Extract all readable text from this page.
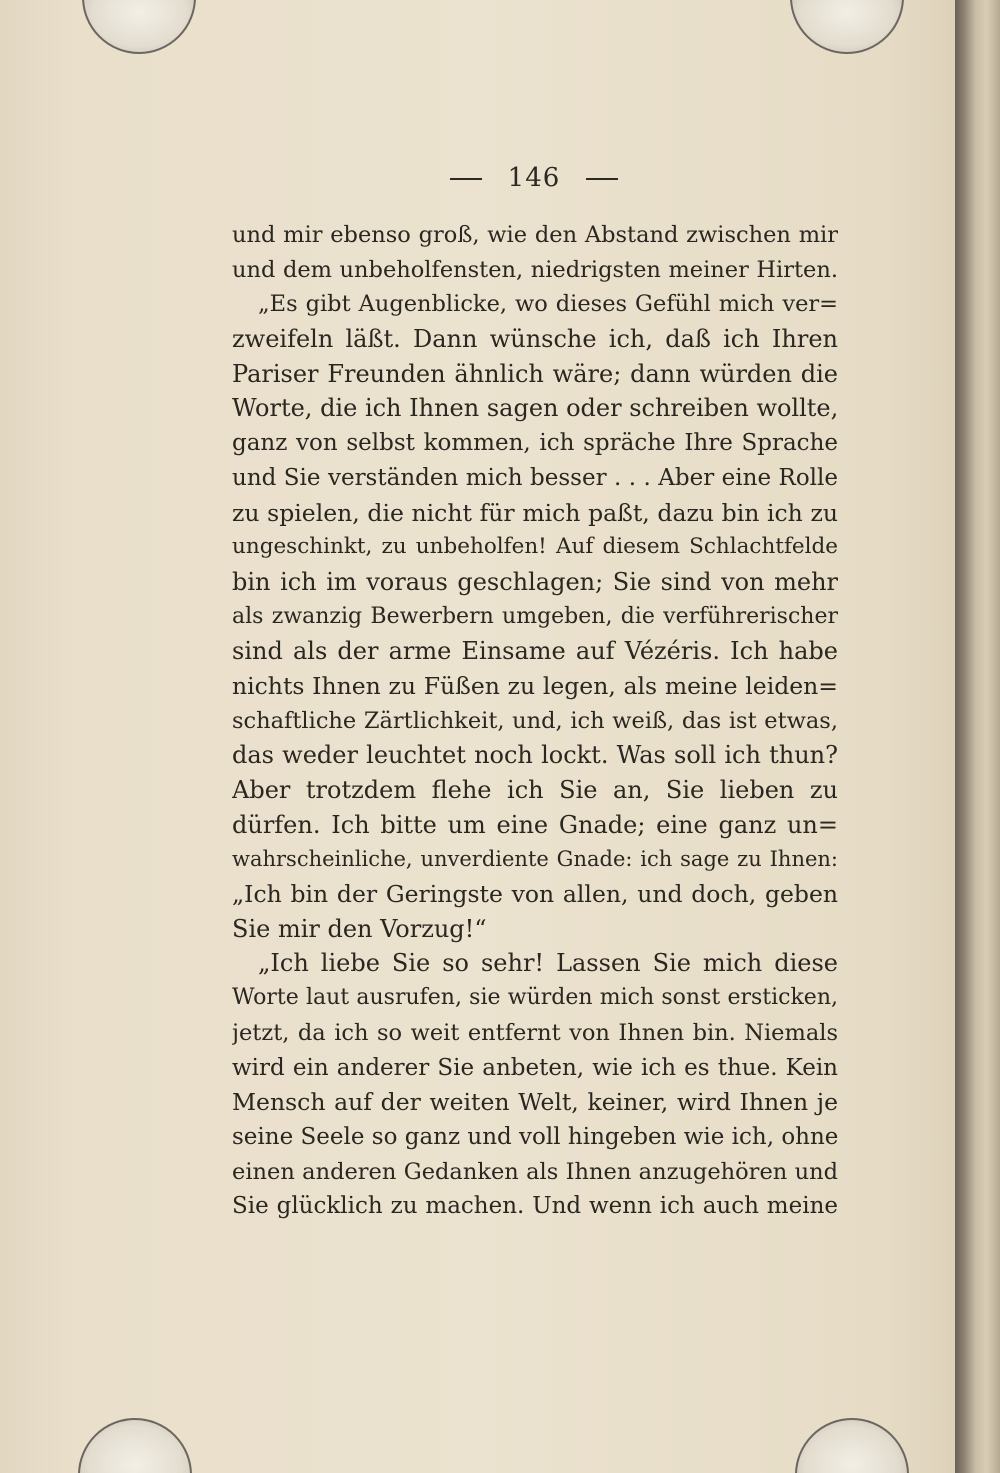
146
und mir ebenso groß, wie den Abstand zwischen mir
und dem unbeholfensten, niedrigsten meiner Hirten.
„Es gibt Augenblicke, wo dieses Gefühl mich ver=
zweifeln läßt. Dann wünsche ich, daß ich Ihren
Pariser Freunden ähnlich wäre; dann würden die
Worte, die ich Ihnen sagen oder schreiben wollte,
ganz von selbst kommen, ich spräche Ihre Sprache
und Sie verständen mich besser . . . Aber eine Rolle
zu spielen, die nicht für mich paßt, dazu bin ich zu
ungeschinkt, zu unbeholfen! Auf diesem Schlachtfelde
bin ich im voraus geschlagen; Sie sind von mehr
als zwanzig Bewerbern umgeben, die verführerischer
sind als der arme Einsame auf Vézéris. Ich habe
nichts Ihnen zu Füßen zu legen, als meine leiden=
schaftliche Zärtlichkeit, und, ich weiß, das ist etwas,
das weder leuchtet noch lockt. Was soll ich thun?
Aber trotzdem flehe ich Sie an, Sie lieben zu
dürfen. Ich bitte um eine Gnade; eine ganz un=
wahrscheinliche, unverdiente Gnade: ich sage zu Ihnen:
„Ich bin der Geringste von allen, und doch, geben
Sie mir den Vorzug!“
„Ich liebe Sie so sehr! Lassen Sie mich diese
Worte laut ausrufen, sie würden mich sonst ersticken,
jetzt, da ich so weit entfernt von Ihnen bin. Niemals
wird ein anderer Sie anbeten, wie ich es thue. Kein
Mensch auf der weiten Welt, keiner, wird Ihnen je
seine Seele so ganz und voll hingeben wie ich, ohne
einen anderen Gedanken als Ihnen anzugehören und
Sie glücklich zu machen. Und wenn ich auch meine
